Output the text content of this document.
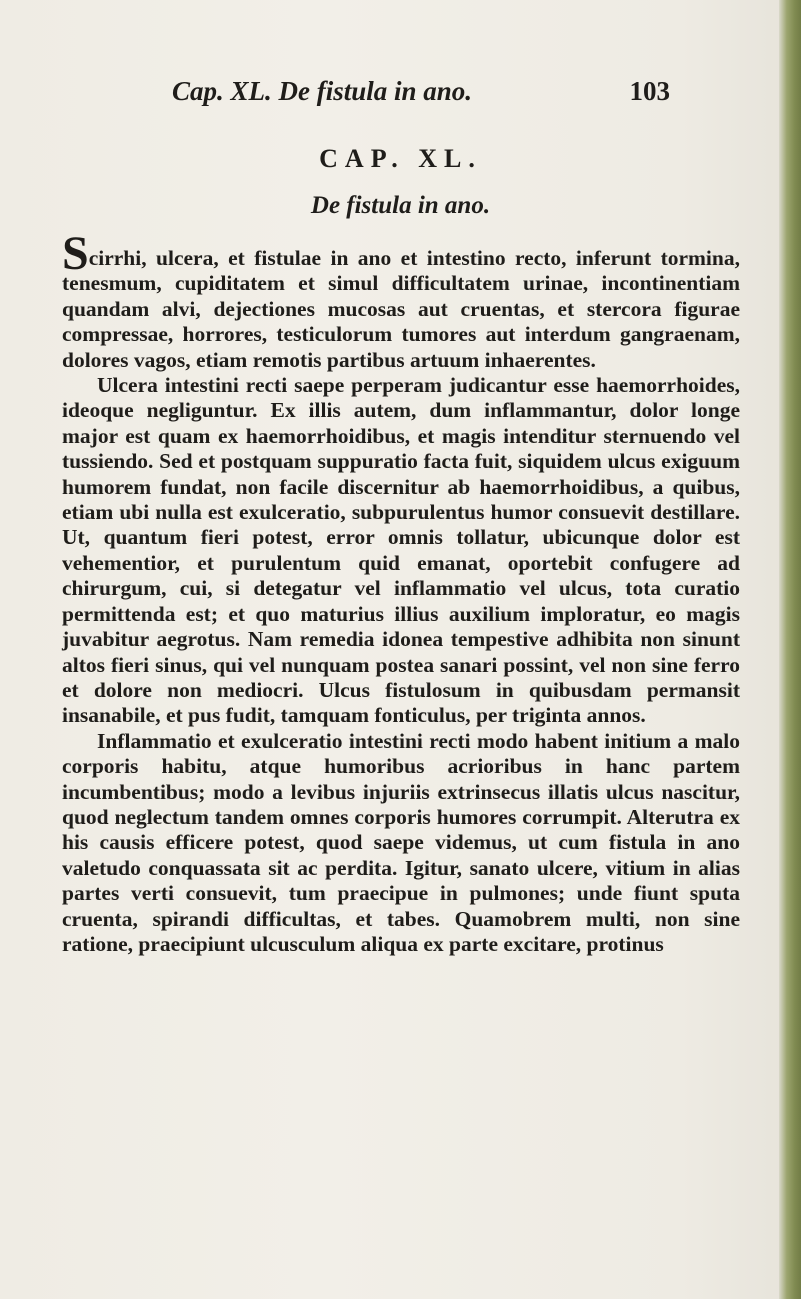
Cap. XL. De fistula in ano.	103
CAP. XL.
De fistula in ano.

Scirrhi, ulcera, et fistulae in ano et intestino recto, inferunt tormina, tenesmum, cupiditatem et simul difficultatem urinae, incontinentiam quandam alvi, dejectiones mucosas aut cruentas, et stercora figurae compressae, horrores, testiculorum tumores aut interdum gangraenam, dolores vagos, etiam remotis partibus artuum inhaerentes.

Ulcera intestini recti saepe perperam judicantur esse haemorrhoides, ideoque negliguntur. Ex illis autem, dum inflammantur, dolor longe major est quam ex haemorrhoidibus, et magis intenditur sternuendo vel tussiendo. Sed et postquam suppuratio facta fuit, siquidem ulcus exiguum humorem fundat, non facile discernitur ab haemorrhoidibus, a quibus, etiam ubi nulla est exulceratio, subpurulentus humor consuevit destillare. Ut, quantum fieri potest, error omnis tollatur, ubicunque dolor est vehementior, et purulentum quid emanat, oportebit confugere ad chirurgum, cui, si detegatur vel inflammatio vel ulcus, tota curatio permittenda est; et quo maturius illius auxilium imploratur, eo magis juvabitur aegrotus. Nam remedia idonea tempestive adhibita non sinunt altos fieri sinus, qui vel nunquam postea sanari possint, vel non sine ferro et dolore non mediocri. Ulcus fistulosum in quibusdam permansit insanabile, et pus fudit, tamquam fonticulus, per triginta annos.

Inflammatio et exulceratio intestini recti modo habent initium a malo corporis habitu, atque humoribus acrioribus in hanc partem incumbentibus; modo a levibus injuriis extrinsecus illatis ulcus nascitur, quod neglectum tandem omnes corporis humores corrumpit. Alterutra ex his causis efficere potest, quod saepe videmus, ut cum fistula in ano valetudo conquassata sit ac perdita. Igitur, sanato ulcere, vitium in alias partes verti consuevit, tum praecipue in pulmones; unde fiunt sputa cruenta, spirandi difficultas, et tabes. Quamobrem multi, non sine ratione, praecipiunt ulcusculum aliqua ex parte excitare, protinus
